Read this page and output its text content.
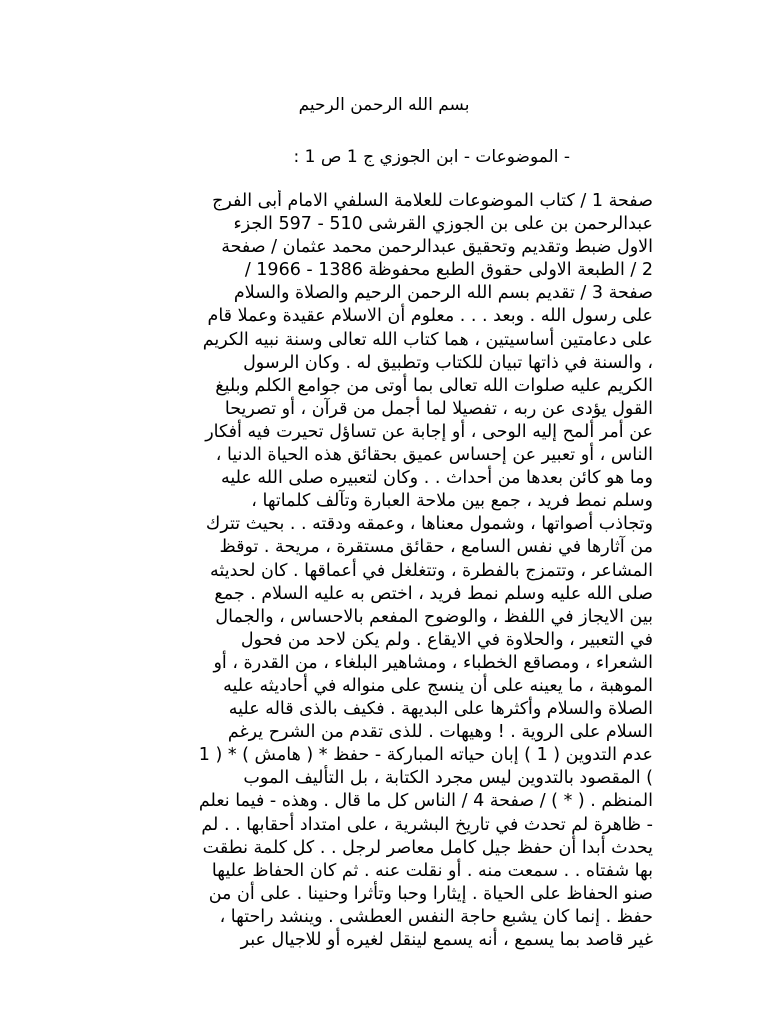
بسم الله الرحمن الرحيم
- الموضوعات - ابن الجوزي ج 1 ص 1 :
صفحة 1 / كتاب الموضوعات للعلامة السلفي الامام أبى الفرج
عبدالرحمن بن على بن الجوزي القرشى 510 - 597 الجزء
الاول ضبط وتقديم وتحقيق عبدالرحمن محمد عثمان / صفحة
2 / الطبعة الاولى حقوق الطبع محفوظة 1386 - 1966 /
صفحة 3 / تقديم بسم الله الرحمن الرحيم والصلاة والسلام
على رسول الله . وبعد . . . معلوم أن الاسلام عقيدة وعملا قام
على دعامتين أساسيتين ، هما كتاب الله تعالى وسنة نبيه الكريم
، والسنة في ذاتها تبيان للكتاب وتطبيق له . وكان الرسول
الكريم عليه صلوات الله تعالى بما أوتى من جوامع الكلم وبليغ
القول يؤدى عن ربه ، تفصيلا لما أجمل من قرآن ، أو تصريحا
عن أمر ألمح إليه الوحى ، أو إجابة عن تساؤل تحيرت فيه أفكار
الناس ، أو تعبير عن إحساس عميق بحقائق هذه الحياة الدنيا ،
وما هو كائن بعدها من أحداث . . وكان لتعبيره صلى الله عليه
وسلم نمط فريد ، جمع بين ملاحة العبارة وتآلف كلماتها ،
وتجاذب أصواتها ، وشمول معناها ، وعمقه ودقته . . بحيث تترك
من آثارها في نفس السامع ، حقائق مستقرة ، مريحة . توقظ
المشاعر ، وتتمزج بالفطرة ، وتتغلغل في أعماقها . كان لحديثه
صلى الله عليه وسلم نمط فريد ، اختص به عليه السلام . جمع
بين الايجاز في اللفظ ، والوضوح المفعم بالاحساس ، والجمال
في التعبير ، والحلاوة في الايقاع . ولم يكن لاحد من فحول
الشعراء ، ومصاقع الخطباء ، ومشاهير البلغاء ، من القدرة ، أو
الموهبة ، ما يعينه على أن ينسج على منواله في أحاديثه عليه
الصلاة والسلام وأكثرها على البديهة . فكيف بالذى قاله عليه
السلام على الروية . ! وهيهات . للذى تقدم من الشرح يرغم
عدم التدوين ( 1 ) إبان حياته المباركة - حفظ * ( هامش ) * ( 1
) المقصود بالتدوين ليس مجرد الكتابة ، بل التأليف الموب
المنظم . ( * ) / صفحة 4 / الناس كل ما قال . وهذه - فيما نعلم
- ظاهرة لم تحدث في تاريخ البشرية ، على امتداد أحقابها . . لم
يحدث أبدا أن حفظ جيل كامل معاصر لرجل . . كل كلمة نطقت
بها شفتاه . . سمعت منه . أو نقلت عنه . ثم كان الحفاظ عليها
صنو الحفاظ على الحياة . إيثارا وحبا وتأثرا وحنينا . على أن من
حفظ . إنما كان يشبع حاجة النفس العطشى . وينشد راحتها ،
غير قاصد بما يسمع ، أنه يسمع لينقل لغيره أو للاجيال عبر
